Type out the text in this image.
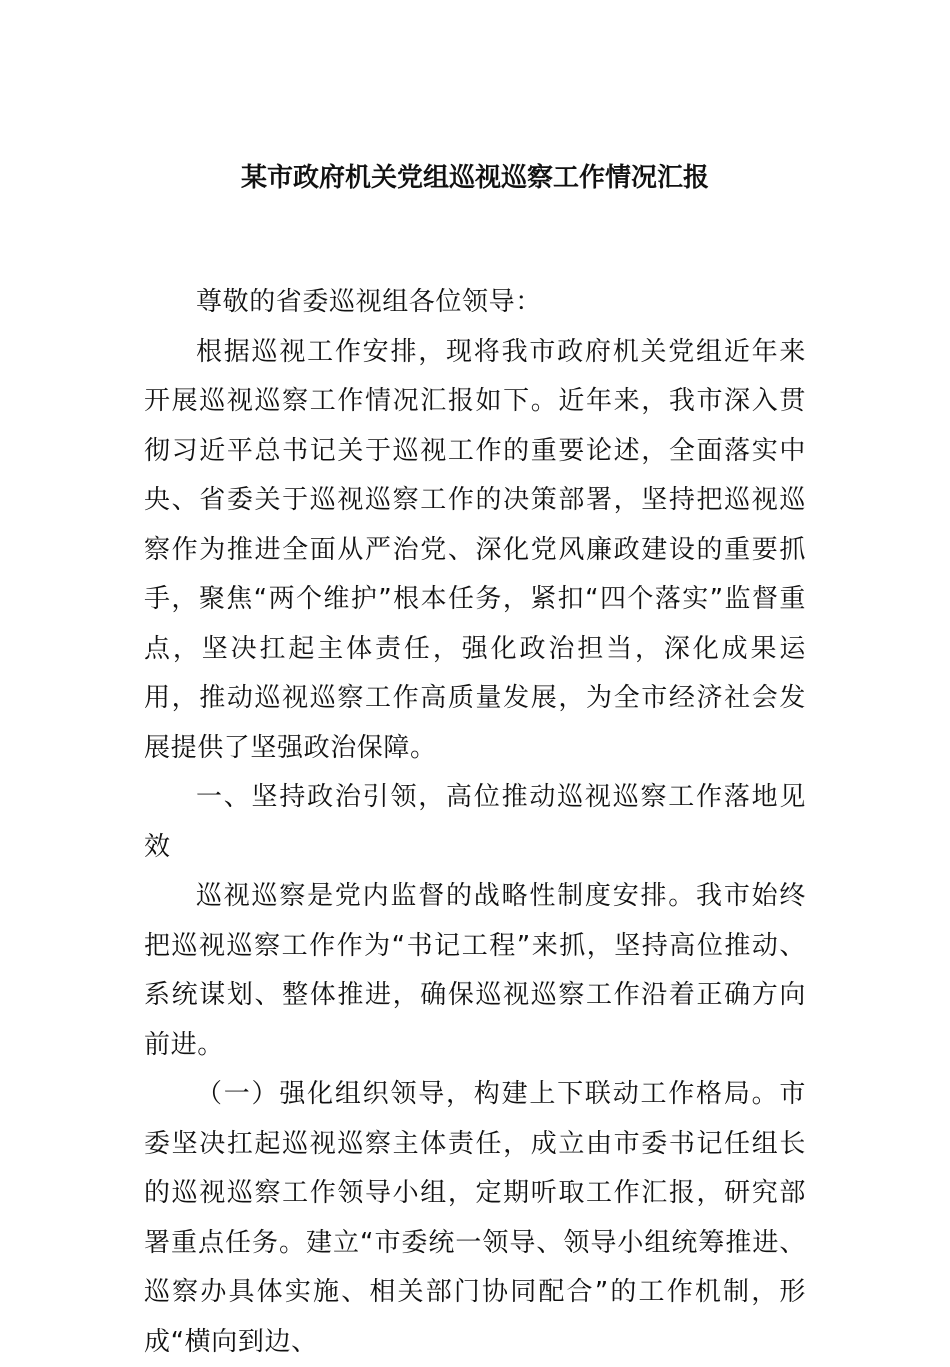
某市政府机关党组巡视巡察工作情况汇报

尊敬的省委巡视组各位领导：

根据巡视工作安排，现将我市政府机关党组近年来开展巡视巡察工作情况汇报如下。近年来，我市深入贯彻习近平总书记关于巡视工作的重要论述，全面落实中央、省委关于巡视巡察工作的决策部署，坚持把巡视巡察作为推进全面从严治党、深化党风廉政建设的重要抓手，聚焦“两个维护”根本任务，紧扣“四个落实”监督重点，坚决扛起主体责任，强化政治担当，深化成果运用，推动巡视巡察工作高质量发展，为全市经济社会发展提供了坚强政治保障。

一、坚持政治引领，高位推动巡视巡察工作落地见效

巡视巡察是党内监督的战略性制度安排。我市始终把巡视巡察工作作为“书记工程”来抓，坚持高位推动、系统谋划、整体推进，确保巡视巡察工作沿着正确方向前进。

（一）强化组织领导，构建上下联动工作格局。市委坚决扛起巡视巡察主体责任，成立由市委书记任组长的巡视巡察工作领导小组，定期听取工作汇报，研究部署重点任务。建立“市委统一领导、领导小组统筹推进、巡察办具体实施、相关部门协同配合”的工作机制，形成“横向到边、
